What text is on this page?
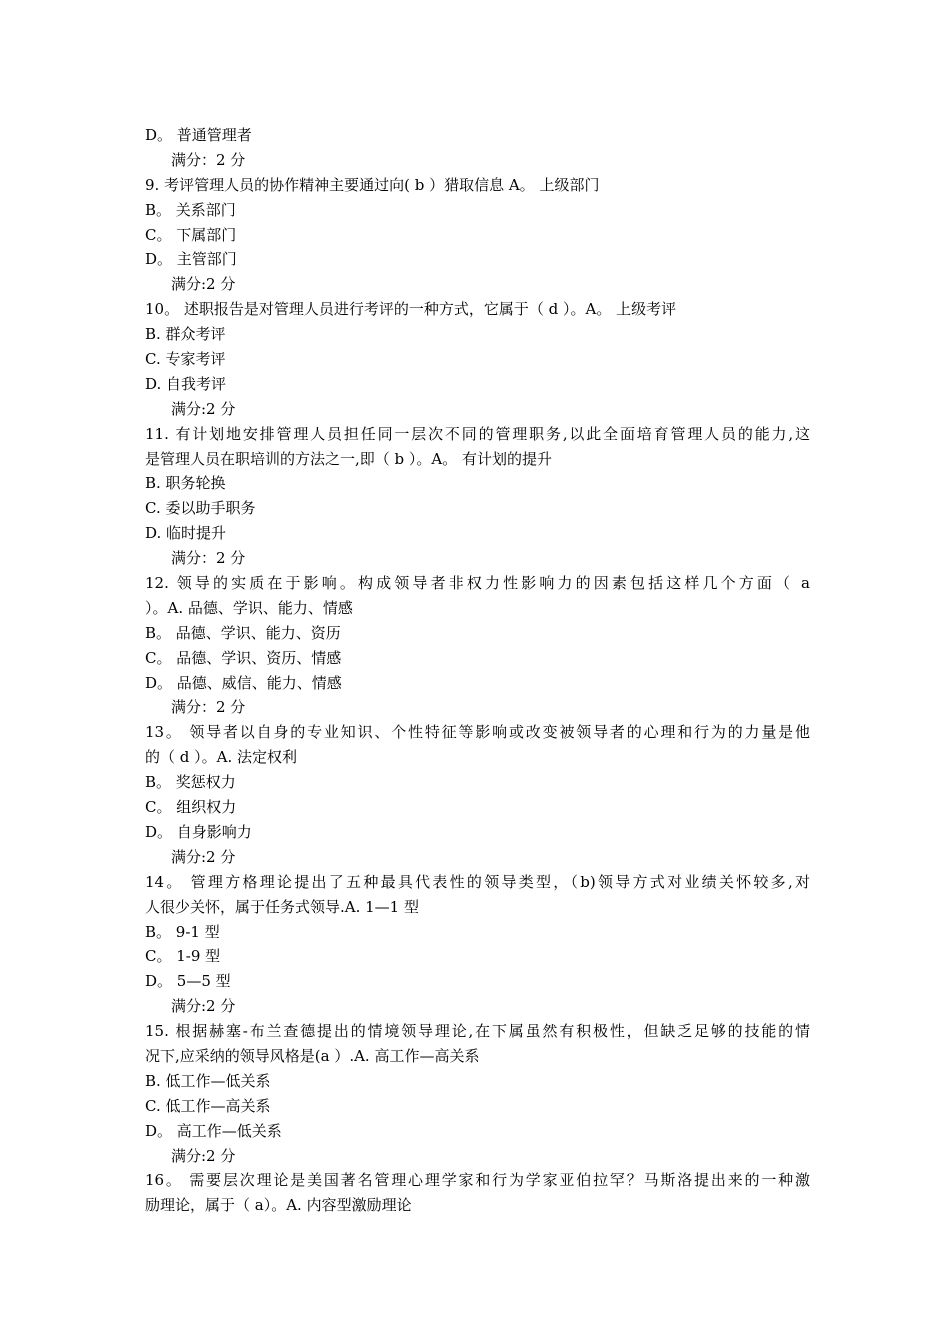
D。 普通管理者
满分：2 分
9. 考评管理人员的协作精神主要通过向( b ）猎取信息 A。 上级部门
B。 关系部门
C。 下属部门
D。 主管部门
满分:2 分
10。 述职报告是对管理人员进行考评的一种方式，它属于（ d ）。A。 上级考评
B. 群众考评
C. 专家考评
D. 自我考评
满分:2 分
11. 有计划地安排管理人员担任同一层次不同的管理职务,以此全面培育管理人员的能力,这
是管理人员在职培训的方法之一,即（ b ）。A。 有计划的提升
B. 职务轮换
C. 委以助手职务
D. 临时提升
满分：2 分
12. 领导的实质在于影响。构成领导者非权力性影响力的因素包括这样几个方面（ a
）。A. 品德、学识、能力、情感
B。 品德、学识、能力、资历
C。 品德、学识、资历、情感
D。 品德、威信、能力、情感
满分：2 分
13。 领导者以自身的专业知识、个性特征等影响或改变被领导者的心理和行为的力量是他
的（ d ）。A. 法定权利
B。 奖惩权力
C。 组织权力
D。 自身影响力
满分:2 分
14。 管理方格理论提出了五种最具代表性的领导类型，（b)领导方式对业绩关怀较多,对
人很少关怀，属于任务式领导.A. 1—1 型
B。 9-1 型
C。 1-9 型
D。 5—5 型
满分:2 分
15. 根据赫塞-布兰查德提出的情境领导理论,在下属虽然有积极性，但缺乏足够的技能的情
况下,应采纳的领导风格是(a ）.A. 高工作—高关系
B. 低工作—低关系
C. 低工作—高关系
D。 高工作—低关系
满分:2 分
16。 需要层次理论是美国著名管理心理学家和行为学家亚伯拉罕？马斯洛提出来的一种激
励理论，属于（ a）。A. 内容型激励理论
